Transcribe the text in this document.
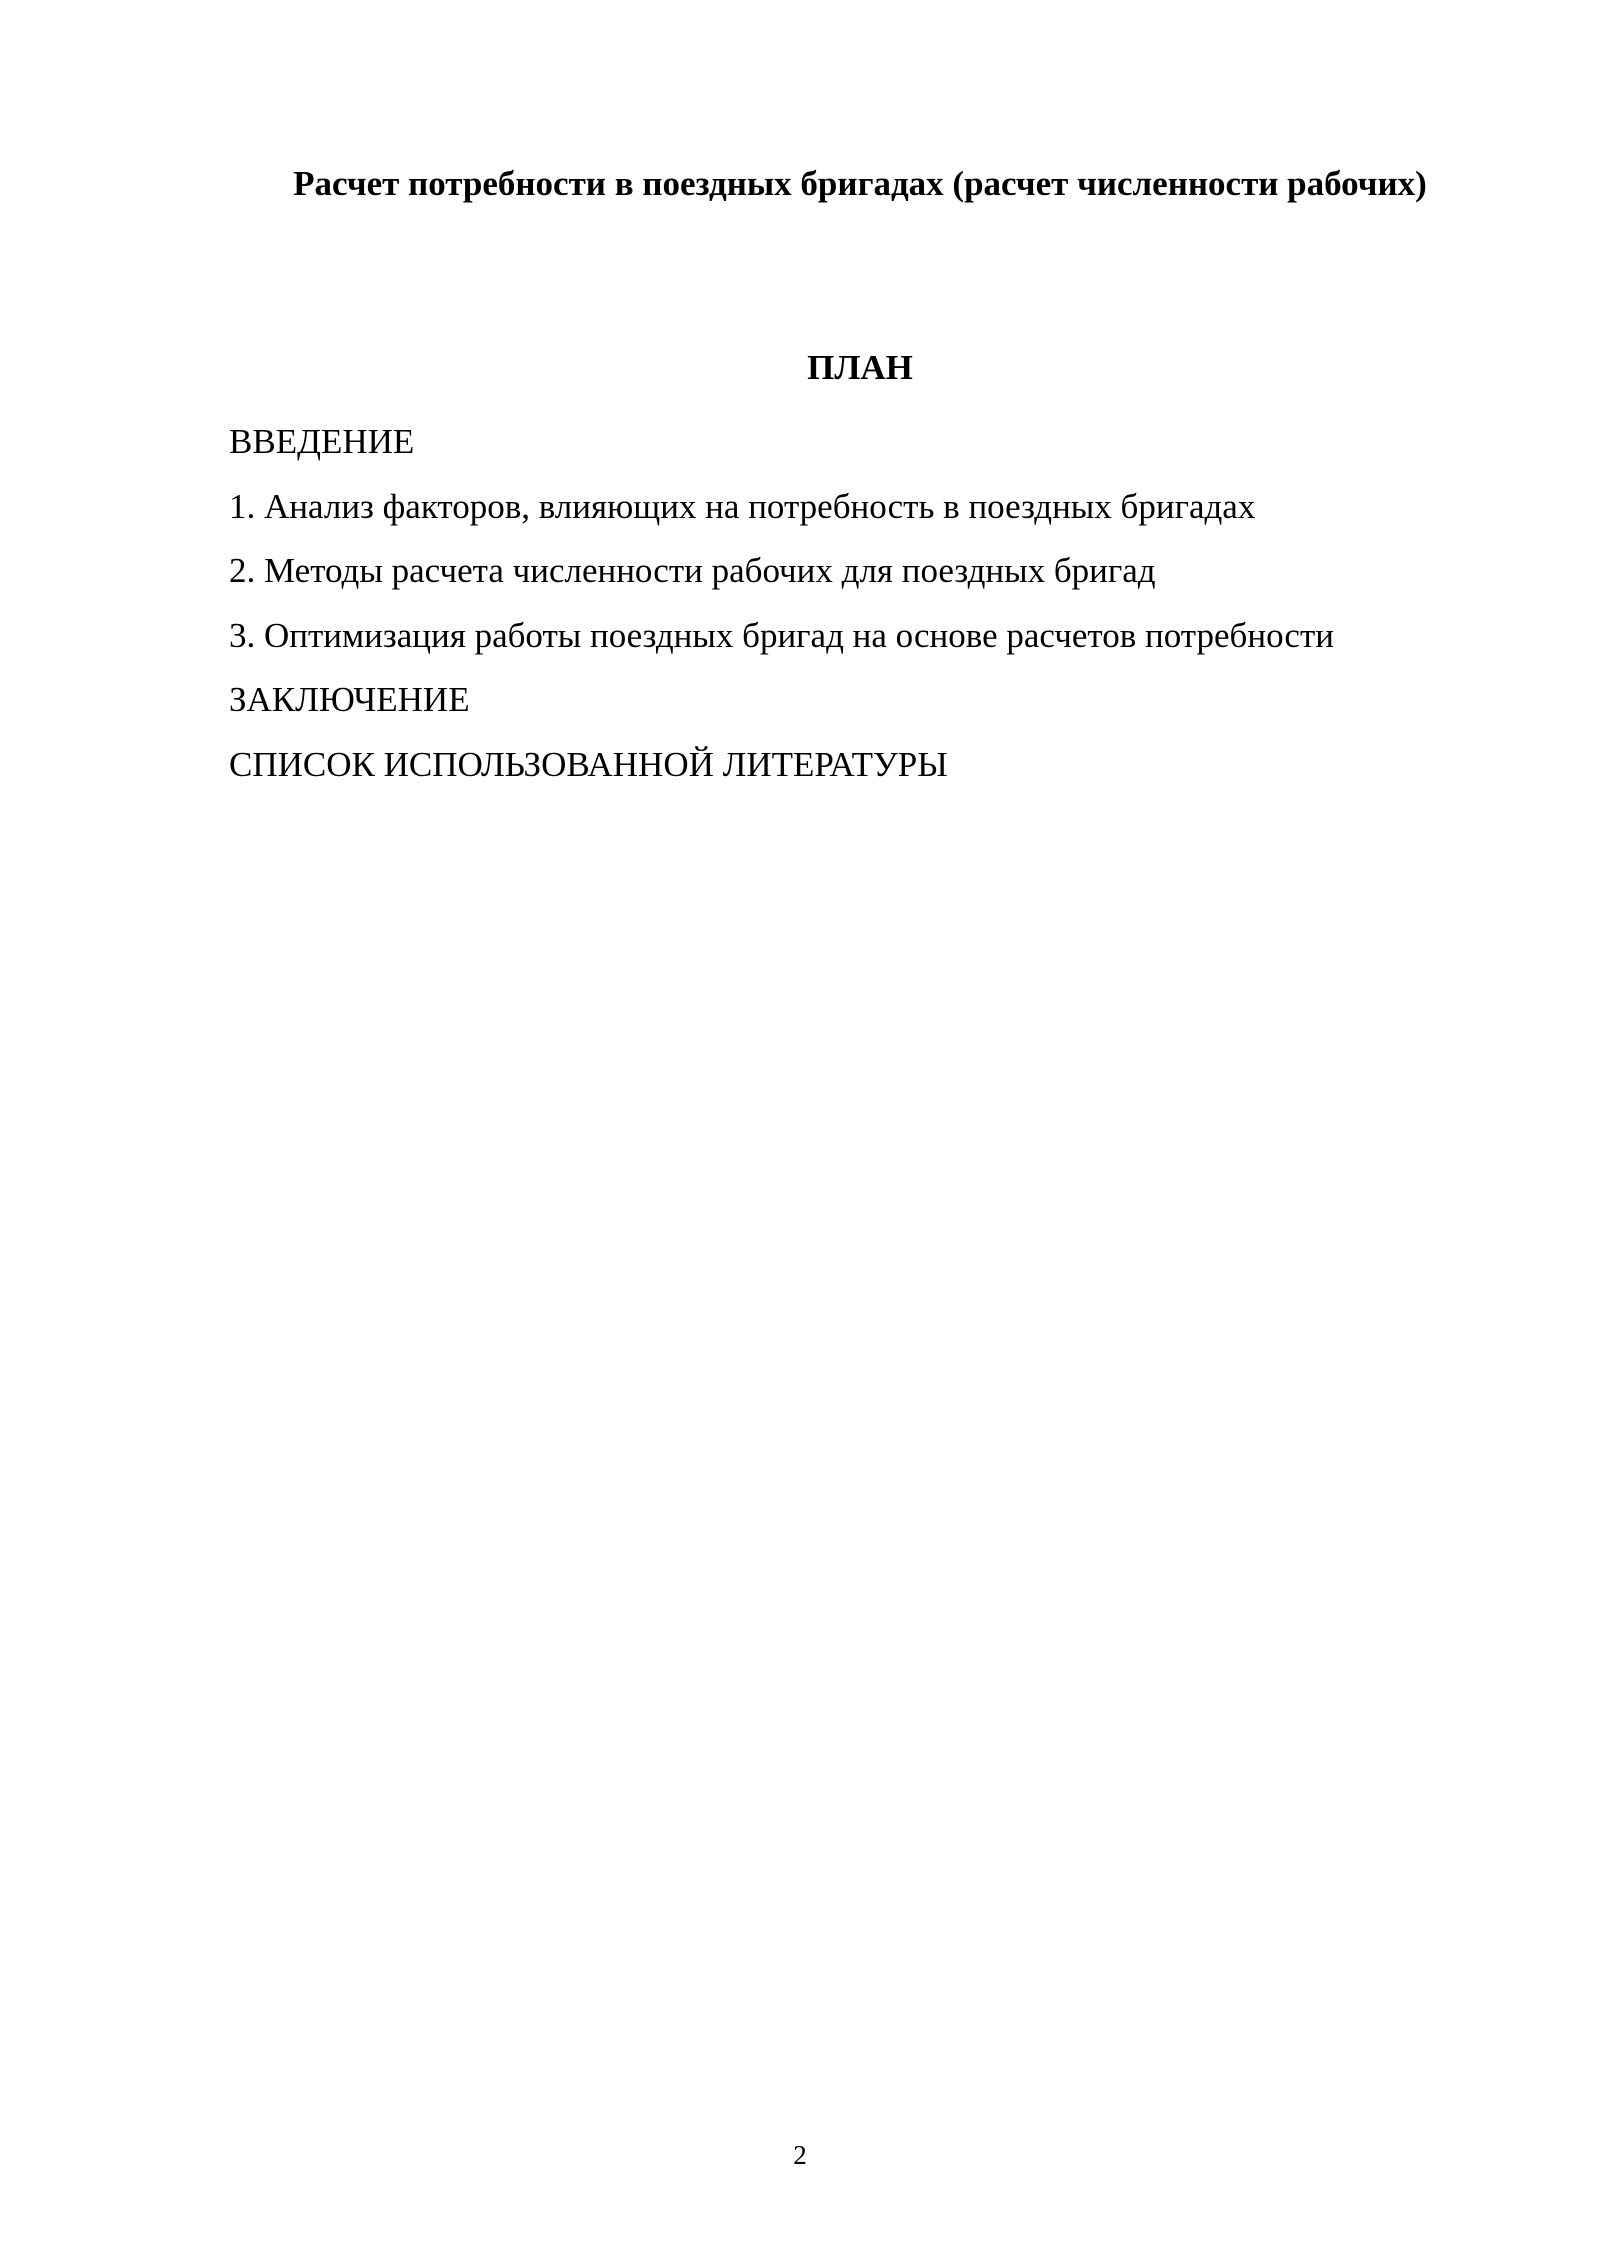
Расчет потребности в поездных бригадах (расчет численности рабочих)
ПЛАН
ВВЕДЕНИЕ
1. Анализ факторов, влияющих на потребность в поездных бригадах
2. Методы расчета численности рабочих для поездных бригад
3. Оптимизация работы поездных бригад на основе расчетов потребности
ЗАКЛЮЧЕНИЕ
СПИСОК ИСПОЛЬЗОВАННОЙ ЛИТЕРАТУРЫ
2
